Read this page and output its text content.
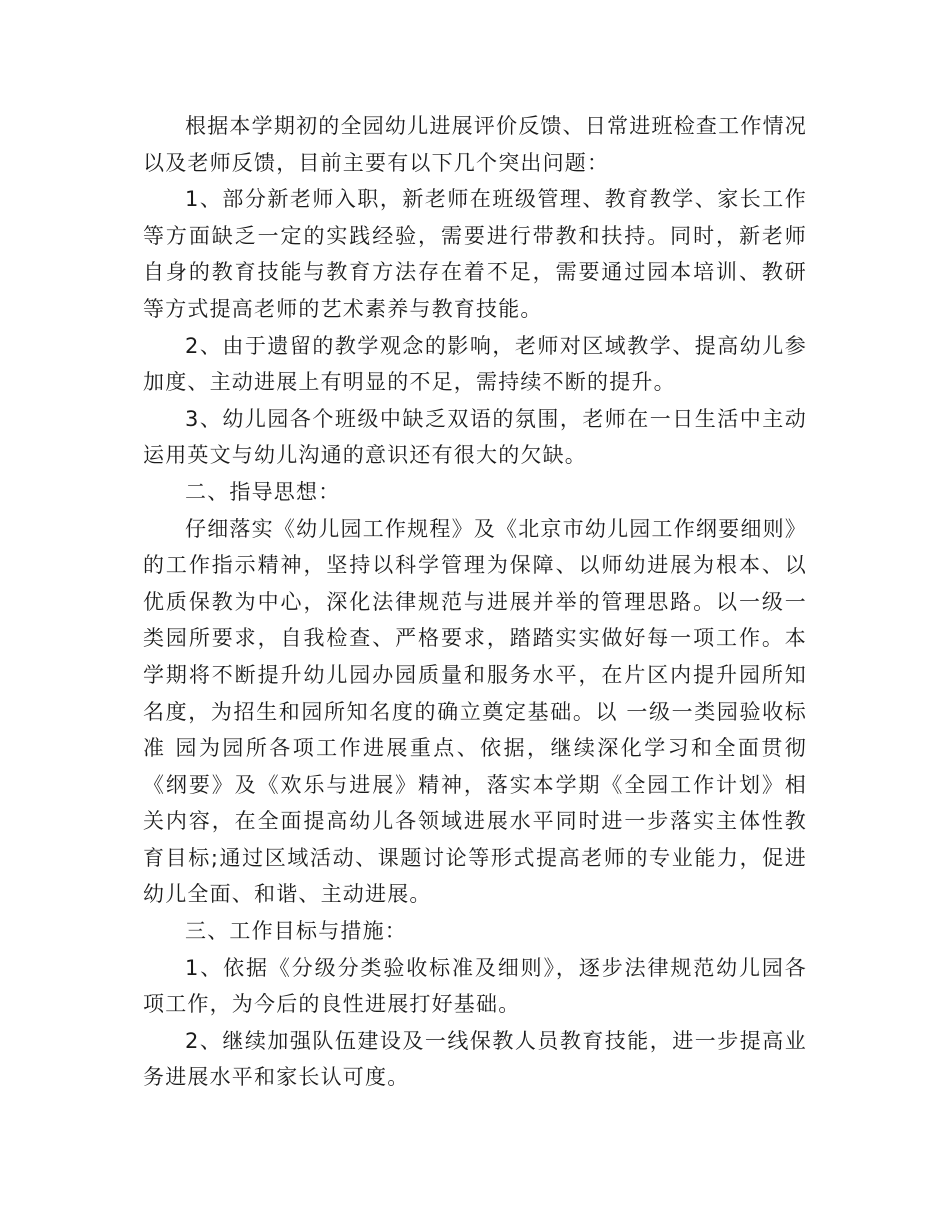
根据本学期初的全园幼儿进展评价反馈、日常进班检查工作情况以及老师反馈，目前主要有以下几个突出问题：

1、部分新老师入职，新老师在班级管理、教育教学、家长工作等方面缺乏一定的实践经验，需要进行带教和扶持。同时，新老师自身的教育技能与教育方法存在着不足，需要通过园本培训、教研等方式提高老师的艺术素养与教育技能。

2、由于遗留的教学观念的影响，老师对区域教学、提高幼儿参加度、主动进展上有明显的不足，需持续不断的提升。

3、幼儿园各个班级中缺乏双语的氛围，老师在一日生活中主动运用英文与幼儿沟通的意识还有很大的欠缺。

二、指导思想：

仔细落实《幼儿园工作规程》及《北京市幼儿园工作纲要细则》的工作指示精神，坚持以科学管理为保障、以师幼进展为根本、以优质保教为中心，深化法律规范与进展并举的管理思路。以一级一类园所要求，自我检查、严格要求，踏踏实实做好每一项工作。本学期将不断提升幼儿园办园质量和服务水平，在片区内提升园所知名度，为招生和园所知名度的确立奠定基础。以 一级一类园验收标准 园为园所各项工作进展重点、依据，继续深化学习和全面贯彻《纲要》及《欢乐与进展》精神，落实本学期《全园工作计划》相关内容，在全面提高幼儿各领域进展水平同时进一步落实主体性教育目标;通过区域活动、课题讨论等形式提高老师的专业能力，促进幼儿全面、和谐、主动进展。

三、工作目标与措施：

1、依据《分级分类验收标准及细则》，逐步法律规范幼儿园各项工作，为今后的良性进展打好基础。

2、继续加强队伍建设及一线保教人员教育技能，进一步提高业务进展水平和家长认可度。
